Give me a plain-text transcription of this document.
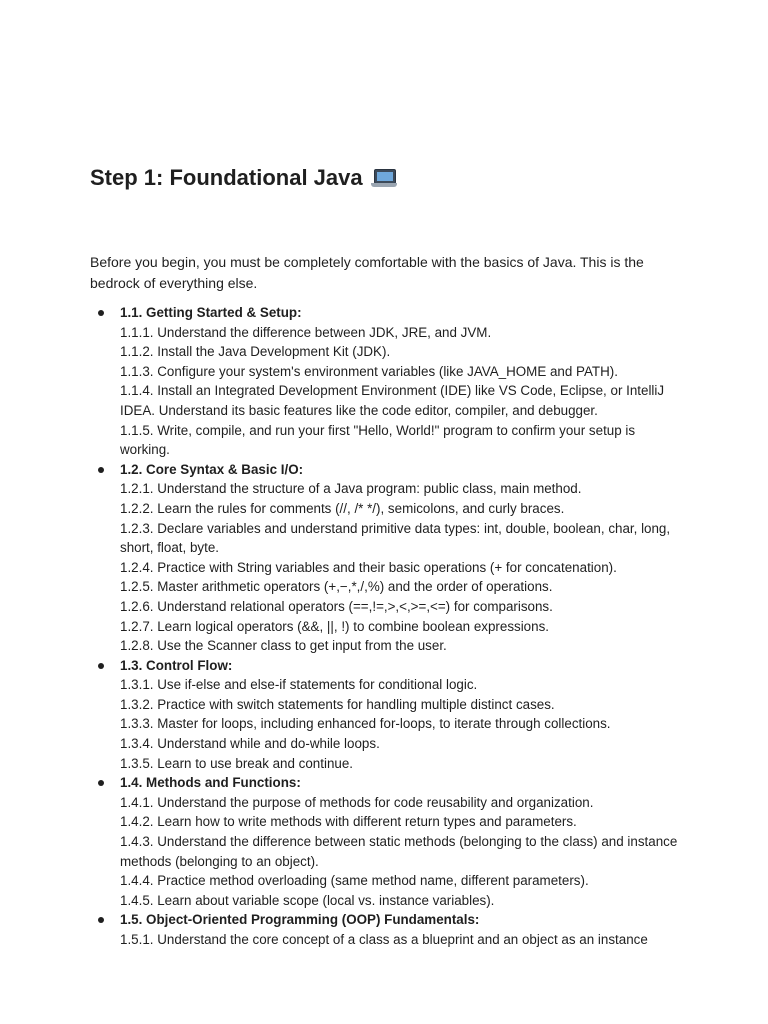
Step 1: Foundational Java

Before you begin, you must be completely comfortable with the basics of Java. This is the bedrock of everything else.

1.1. Getting Started & Setup:
1.1.1. Understand the difference between JDK, JRE, and JVM.
1.1.2. Install the Java Development Kit (JDK).
1.1.3. Configure your system's environment variables (like JAVA_HOME and PATH).
1.1.4. Install an Integrated Development Environment (IDE) like VS Code, Eclipse, or IntelliJ IDEA. Understand its basic features like the code editor, compiler, and debugger.
1.1.5. Write, compile, and run your first "Hello, World!" program to confirm your setup is working.
1.2. Core Syntax & Basic I/O:
1.2.1. Understand the structure of a Java program: public class, main method.
1.2.2. Learn the rules for comments (//, /* */), semicolons, and curly braces.
1.2.3. Declare variables and understand primitive data types: int, double, boolean, char, long, short, float, byte.
1.2.4. Practice with String variables and their basic operations (+ for concatenation).
1.2.5. Master arithmetic operators (+,−,*,/,%) and the order of operations.
1.2.6. Understand relational operators (==,!=,>,<,>=,<=) for comparisons.
1.2.7. Learn logical operators (&&, ||, !) to combine boolean expressions.
1.2.8. Use the Scanner class to get input from the user.
1.3. Control Flow:
1.3.1. Use if-else and else-if statements for conditional logic.
1.3.2. Practice with switch statements for handling multiple distinct cases.
1.3.3. Master for loops, including enhanced for-loops, to iterate through collections.
1.3.4. Understand while and do-while loops.
1.3.5. Learn to use break and continue.
1.4. Methods and Functions:
1.4.1. Understand the purpose of methods for code reusability and organization.
1.4.2. Learn how to write methods with different return types and parameters.
1.4.3. Understand the difference between static methods (belonging to the class) and instance methods (belonging to an object).
1.4.4. Practice method overloading (same method name, different parameters).
1.4.5. Learn about variable scope (local vs. instance variables).
1.5. Object-Oriented Programming (OOP) Fundamentals:
1.5.1. Understand the core concept of a class as a blueprint and an object as an instance
